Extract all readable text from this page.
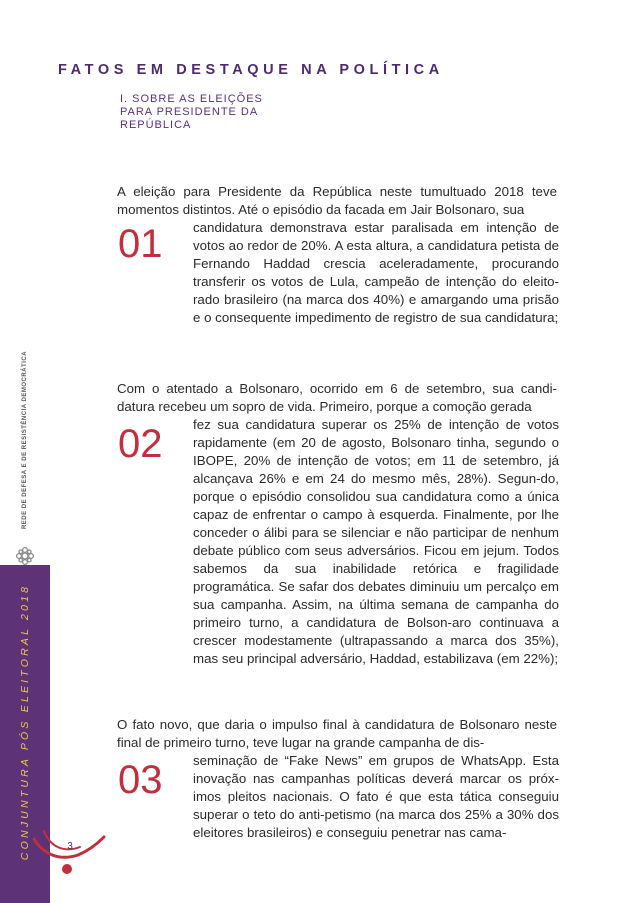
REDE DE DEFESA E DE RESISTÊNCIA DEMOCRÁTICA
CONJUNTURA PÓS ELEITORAL 2018	3
FATOS EM DESTAQUE NA POLÍTICA

I. SOBRE AS ELEIÇÕES
PARA PRESIDENTE DA
REPÚBLICA

A eleição para Presidente da República neste tumultuado 2018 teve momentos distintos. Até o episódio da facada em Jair Bolsonaro, sua

01 candidatura demonstrava estar paralisada em intenção de votos ao redor de 20%. A esta altura, a candidatura petista de Fernando Haddad crescia aceleradamente, procurando transferir os votos de Lula, campeão de intenção do eleito-rado brasileiro (na marca dos 40%) e amargando uma prisão e o consequente impedimento de registro de sua candidatura;

Com o atentado a Bolsonaro, ocorrido em 6 de setembro, sua candi-datura recebeu um sopro de vida. Primeiro, porque a comoção gerada

02 fez sua candidatura superar os 25% de intenção de votos rapidamente (em 20 de agosto, Bolsonaro tinha, segundo o IBOPE, 20% de intenção de votos; em 11 de setembro, já alcançava 26% e em 24 do mesmo mês, 28%). Segun-do, porque o episódio consolidou sua candidatura como a única capaz de enfrentar o campo à esquerda. Finalmente, por lhe conceder o álibi para se silenciar e não participar de nenhum debate público com seus adversários. Ficou em jejum. Todos sabemos da sua inabilidade retórica e fragilidade programática. Se safar dos debates diminuiu um percalço em sua campanha. Assim, na última semana de campanha do primeiro turno, a candidatura de Bolson-aro continuava a crescer modestamente (ultrapassando a marca dos 35%), mas seu principal adversário, Haddad, estabilizava (em 22%);

O fato novo, que daria o impulso final à candidatura de Bolsonaro neste final de primeiro turno, teve lugar na grande campanha de dis-

03 seminação de “Fake News” em grupos de WhatsApp. Esta inovação nas campanhas políticas deverá marcar os próx-imos pleitos nacionais. O fato é que esta tática conseguiu superar o teto do anti-petismo (na marca dos 25% a 30% dos eleitores brasileiros) e conseguiu penetrar nas cama-
